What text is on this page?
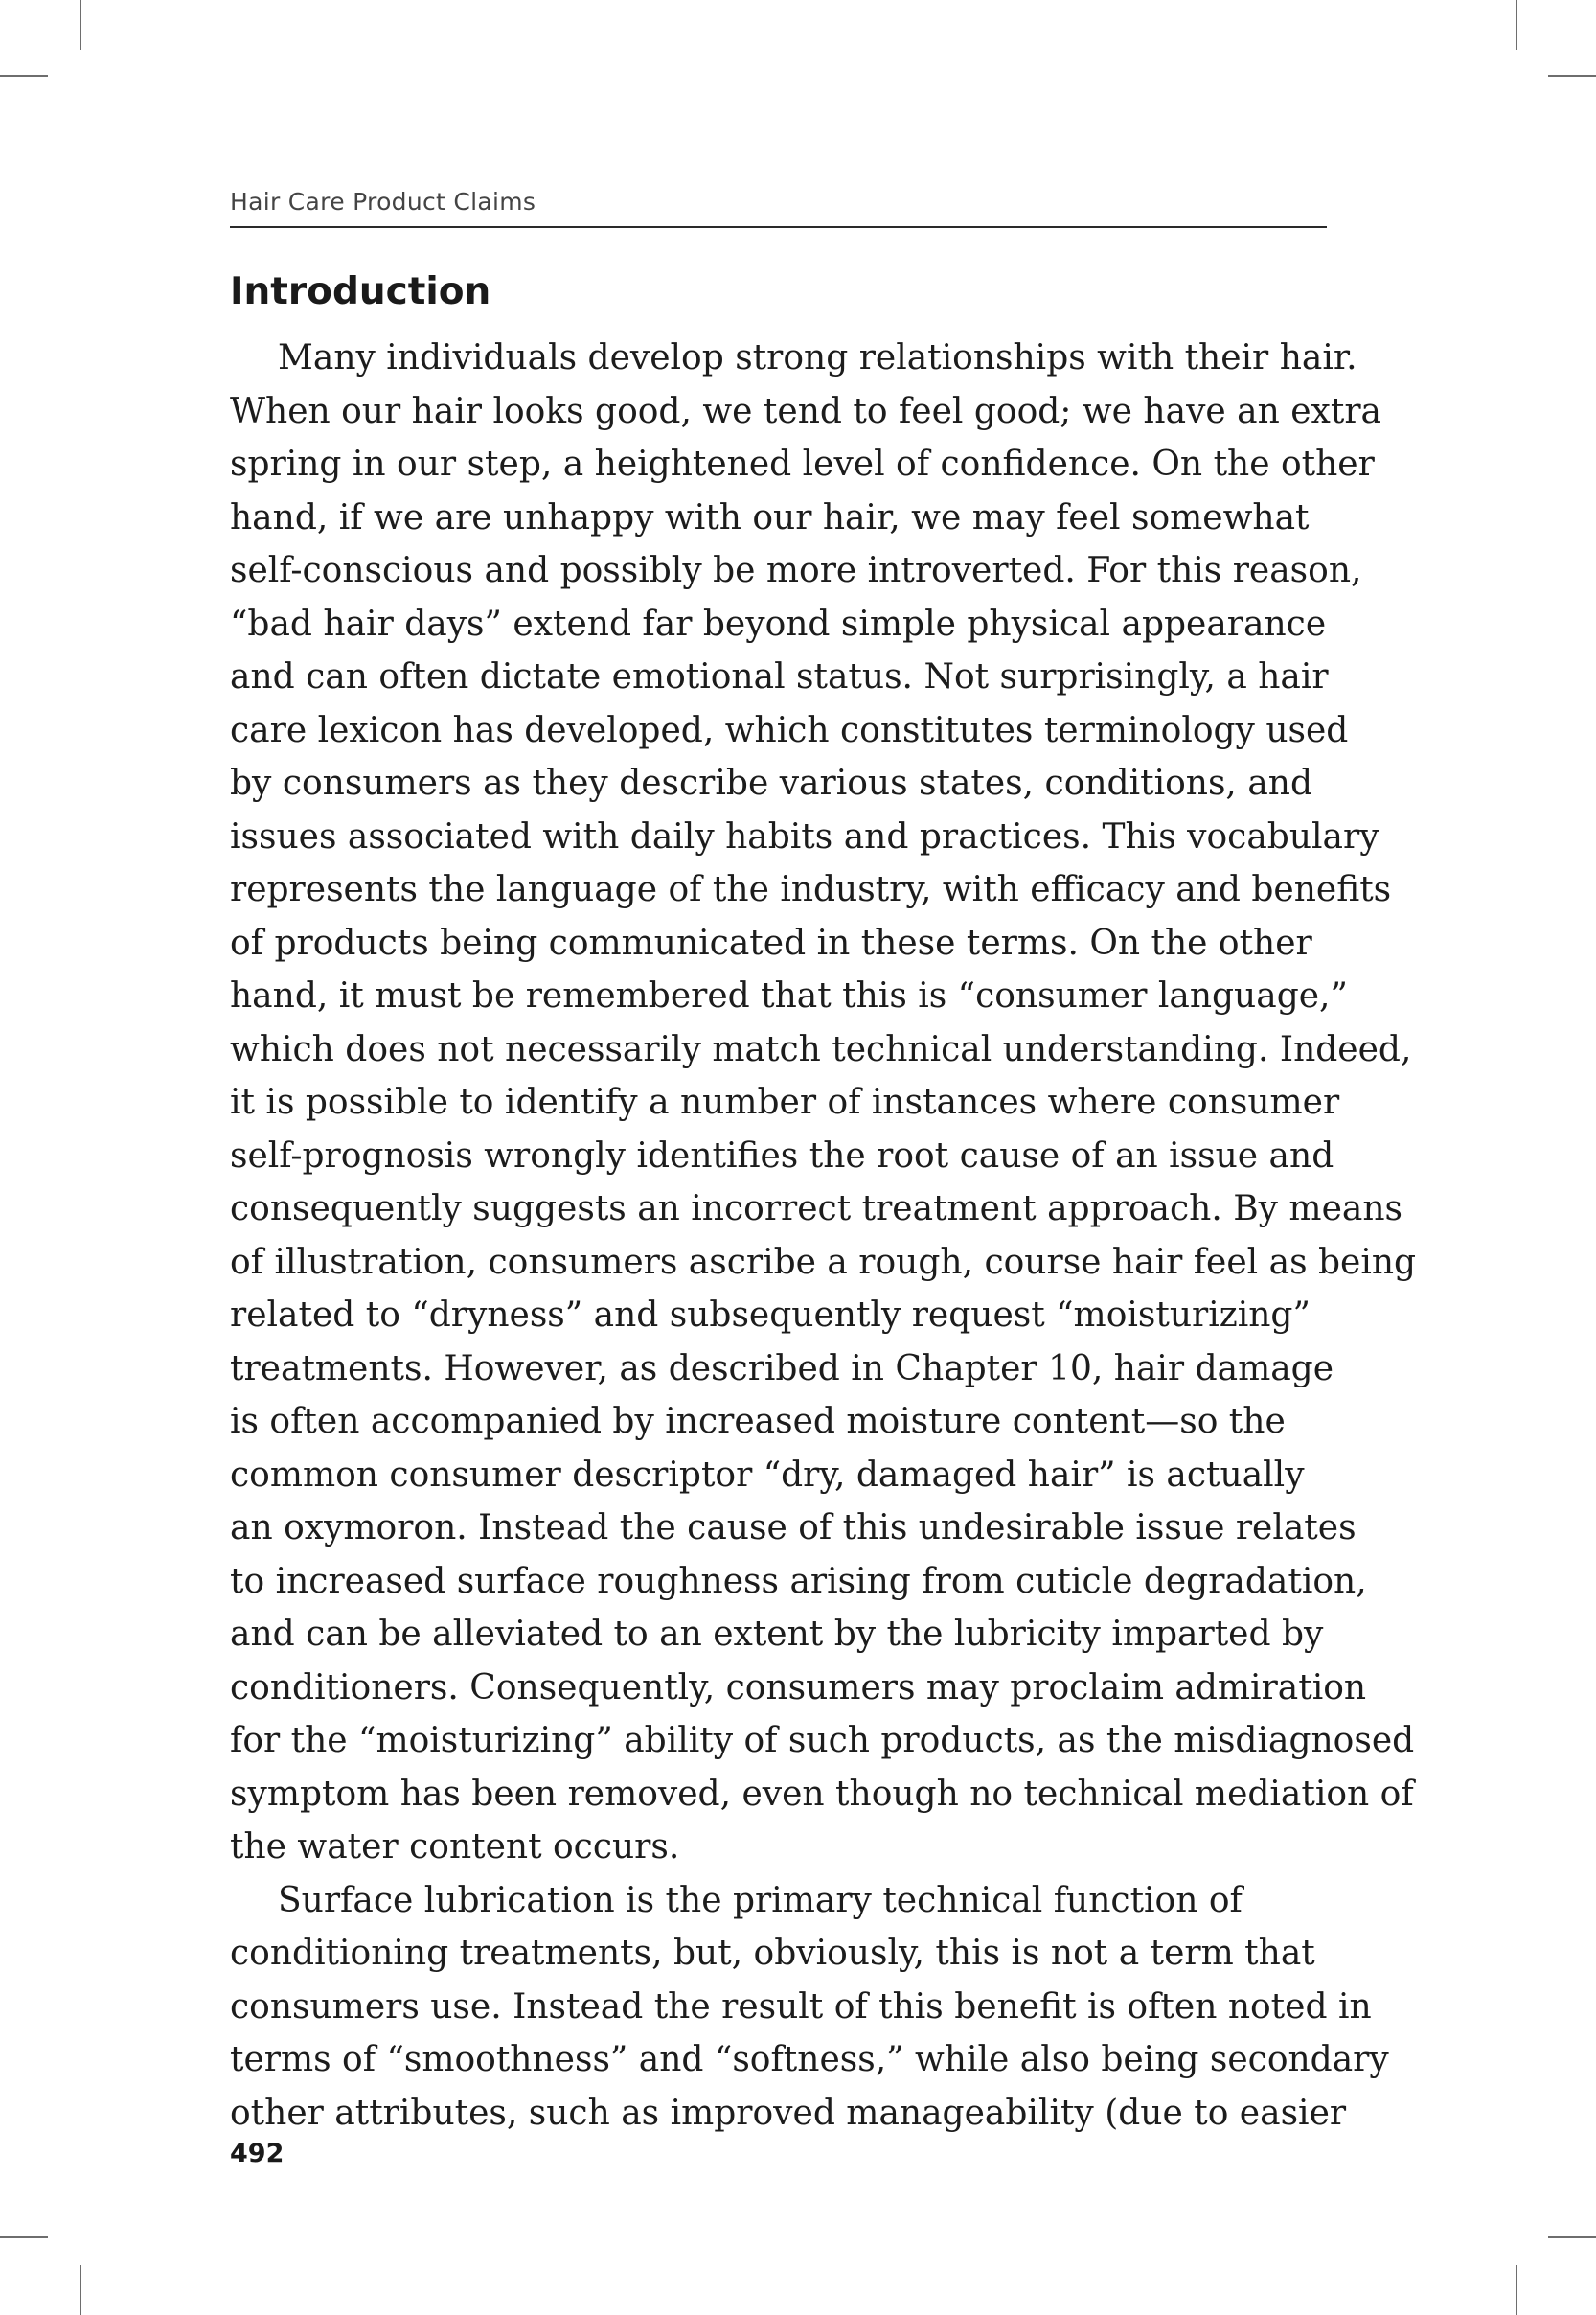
Hair Care Product Claims
Introduction
Many individuals develop strong relationships with their hair.
When our hair looks good, we tend to feel good; we have an extra
spring in our step, a heightened level of confidence. On the other
hand, if we are unhappy with our hair, we may feel somewhat
self-conscious and possibly be more introverted. For this reason,
“bad hair days” extend far beyond simple physical appearance
and can often dictate emotional status. Not surprisingly, a hair
care lexicon has developed, which constitutes terminology used
by consumers as they describe various states, conditions, and
issues associated with daily habits and practices. This vocabulary
represents the language of the industry, with efficacy and benefits
of products being communicated in these terms. On the other
hand, it must be remembered that this is “consumer language,”
which does not necessarily match technical understanding. Indeed,
it is possible to identify a number of instances where consumer
self-prognosis wrongly identifies the root cause of an issue and
consequently suggests an incorrect treatment approach. By means
of illustration, consumers ascribe a rough, course hair feel as being
related to “dryness” and subsequently request “moisturizing”
treatments. However, as described in Chapter 10, hair damage
is often accompanied by increased moisture content—so the
common consumer descriptor “dry, damaged hair” is actually
an oxymoron. Instead the cause of this undesirable issue relates
to increased surface roughness arising from cuticle degradation,
and can be alleviated to an extent by the lubricity imparted by
conditioners. Consequently, consumers may proclaim admiration
for the “moisturizing” ability of such products, as the misdiagnosed
symptom has been removed, even though no technical mediation of
the water content occurs.
Surface lubrication is the primary technical function of
conditioning treatments, but, obviously, this is not a term that
consumers use. Instead the result of this benefit is often noted in
terms of “smoothness” and “softness,” while also being secondary
other attributes, such as improved manageability (due to easier
492
